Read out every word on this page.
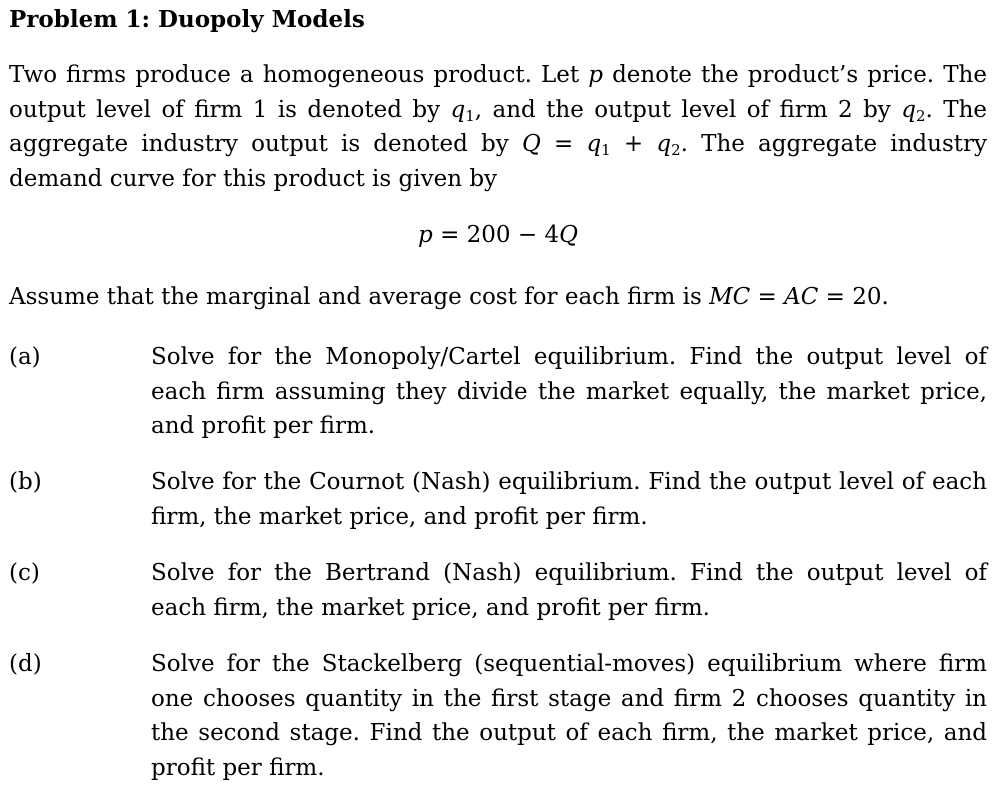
Problem 1: Duopoly Models
Two firms produce a homogeneous product. Let p denote the product’s price. The output level of firm 1 is denoted by $q_1$, and the output level of firm 2 by $q_2$. The aggregate industry output is denoted by $Q = q_1 + q_2$. The aggregate industry demand curve for this product is given by
p = 200 − 4Q
Assume that the marginal and average cost for each firm is MC = AC = 20.
(a)	Solve for the Monopoly/Cartel equilibrium. Find the output level of each firm assuming they divide the market equally, the market price, and profit per firm.
(b)	Solve for the Cournot (Nash) equilibrium. Find the output level of each firm, the market price, and profit per firm.
(c)	Solve for the Bertrand (Nash) equilibrium. Find the output level of each firm, the market price, and profit per firm.
(d)	Solve for the Stackelberg (sequential-moves) equilibrium where firm one chooses quantity in the first stage and firm 2 chooses quantity in the second stage. Find the output of each firm, the market price, and profit per firm.
